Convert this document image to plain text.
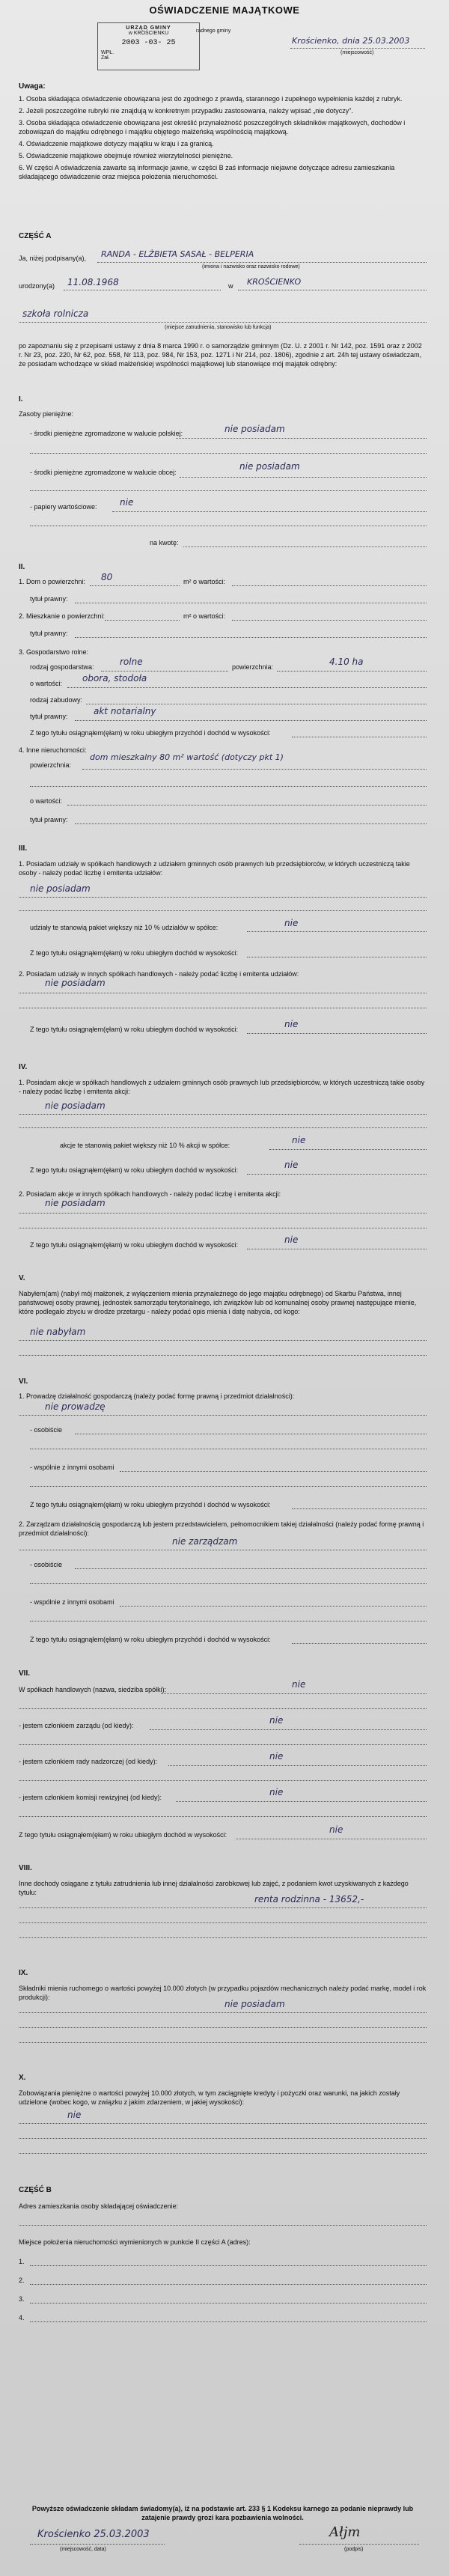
OŚWIADCZENIE MAJĄTKOWE
radnego gminy
URZĄD GMINY
w KROŚCIENKU
2003 -03- 25
WPŁ.
Zał.
Krościenko, dnia 25.03.2003
(miejscowość)
Uwaga:
1. Osoba składająca oświadczenie obowiązana jest do zgodnego z prawdą, starannego i zupełnego wypełnienia każdej z rubryk.
2. Jeżeli poszczególne rubryki nie znajdują w konkretnym przypadku zastosowania, należy wpisać „nie dotyczy”.
3. Osoba składająca oświadczenie obowiązana jest określić przynależność poszczególnych składników majątkowych, dochodów i zobowiązań do majątku odrębnego i majątku objętego małżeńską wspólnością majątkową.
4. Oświadczenie majątkowe dotyczy majątku w kraju i za granicą.
5. Oświadczenie majątkowe obejmuje również wierzytelności pieniężne.
6. W części A oświadczenia zawarte są informacje jawne, w części B zaś informacje niejawne dotyczące adresu zamieszkania składającego oświadczenie oraz miejsca położenia nieruchomości.
CZĘŚĆ A
Ja, niżej podpisany(a), RANDA - ELŻBIETA SASAŁ - BELPERIA
(imiona i nazwisko oraz nazwisko rodowe)
urodzony(a) 11.08.1968	w KROŚCIENKO
szkoła rolnicza
(miejsce zatrudnienia, stanowisko lub funkcja)
po zapoznaniu się z przepisami ustawy z dnia 8 marca 1990 r. o samorządzie gminnym (Dz. U. z 2001 r. Nr 142, poz. 1591 oraz z 2002 r. Nr 23, poz. 220, Nr 62, poz. 558, Nr 113, poz. 984, Nr 153, poz. 1271 i Nr 214, poz. 1806), zgodnie z art. 24h tej ustawy oświadczam, że posiadam wchodzące w skład małżeńskiej wspólności majątkowej lub stanowiące mój majątek odrębny:
I.
Zasoby pieniężne:
- środki pieniężne zgromadzone w walucie polskiej:	nie posiadam
- środki pieniężne zgromadzone w walucie obcej:
nie posiadam
- papiery wartościowe:	nie
na kwotę:
II.
1. Dom o powierzchni: 80	m² o wartości:
tytuł prawny:
2. Mieszkanie o powierzchni:	m² o wartości:
tytuł prawny:
3. Gospodarstwo rolne:
rodzaj gospodarstwa:	rolne	powierzchnia:	4.10 ha
o wartości: obora, stodoła
rodzaj zabudowy:
tytuł prawny:	akt notarialny
Z tego tytułu osiągnąłem(ęłam) w roku ubiegłym przychód i dochód w wysokości:
4. Inne nieruchomości:
powierzchnia:
dom mieszkalny 80 m² wartość (dotyczy pkt 1)
o wartości:
tytuł prawny:
III.
1. Posiadam udziały w spółkach handlowych z udziałem gminnych osób prawnych lub przedsiębiorców, w których uczestniczą takie osoby - należy podać liczbę i emitenta udziałów:
nie posiadam
udziały te stanowią pakiet większy niż 10 % udziałów w spółce:	nie
Z tego tytułu osiągnąłem(ęłam) w roku ubiegłym dochód w wysokości:
2. Posiadam udziały w innych spółkach handlowych - należy podać liczbę i emitenta udziałów:
nie posiadam
Z tego tytułu osiągnąłem(ęłam) w roku ubiegłym dochód w wysokości:	nie
IV.
1. Posiadam akcje w spółkach handlowych z udziałem gminnych osób prawnych lub przedsiębiorców, w których uczestniczą takie osoby - należy podać liczbę i emitenta akcji:
nie posiadam
akcje te stanowią pakiet większy niż 10 % akcji w spółce:	nie
Z tego tytułu osiągnąłem(ęłam) w roku ubiegłym dochód w wysokości:	nie
2. Posiadam akcje w innych spółkach handlowych - należy podać liczbę i emitenta akcji:
nie posiadam
Z tego tytułu osiągnąłem(ęłam) w roku ubiegłym dochód w wysokości:	nie
V.
Nabyłem(am) (nabył mój małżonek, z wyłączeniem mienia przynależnego do jego majątku odrębnego) od Skarbu Państwa, innej państwowej osoby prawnej, jednostek samorządu terytorialnego, ich związków lub od komunalnej osoby prawnej następujące mienie, które podlegało zbyciu w drodze przetargu - należy podać opis mienia i datę nabycia, od kogo:
nie nabyłam
VI.
1. Prowadzę działalność gospodarczą (należy podać formę prawną i przedmiot działalności):
nie prowadzę
- osobiście
- wspólnie z innymi osobami
Z tego tytułu osiągnąłem(ęłam) w roku ubiegłym przychód i dochód w wysokości:
2. Zarządzam działalnością gospodarczą lub jestem przedstawicielem, pełnomocnikiem takiej działalności (należy podać formę prawną i przedmiot działalności):
nie zarządzam
- osobiście
- wspólnie z innymi osobami
Z tego tytułu osiągnąłem(ęłam) w roku ubiegłym przychód i dochód w wysokości:
VII.
W spółkach handlowych (nazwa, siedziba spółki):	nie
- jestem członkiem zarządu (od kiedy):	nie
- jestem członkiem rady nadzorczej (od kiedy):	nie
- jestem członkiem komisji rewizyjnej (od kiedy):	nie
Z tego tytułu osiągnąłem(ęłam) w roku ubiegłym dochód w wysokości:	nie
VIII.
Inne dochody osiągane z tytułu zatrudnienia lub innej działalności zarobkowej lub zajęć, z podaniem kwot uzyskiwanych z każdego tytułu:
renta rodzinna - 13652,-
IX.
Składniki mienia ruchomego o wartości powyżej 10.000 złotych (w przypadku pojazdów mechanicznych należy podać markę, model i rok produkcji):
nie posiadam
X.
Zobowiązania pieniężne o wartości powyżej 10.000 złotych, w tym zaciągnięte kredyty i pożyczki oraz warunki, na jakich zostały udzielone (wobec kogo, w związku z jakim zdarzeniem, w jakiej wysokości):
nie
CZĘŚĆ B
Adres zamieszkania osoby składającej oświadczenie:
Miejsce położenia nieruchomości wymienionych w punkcie II części A (adres):
1.
2.
3.
4.
Powyższe oświadczenie składam świadomy(a), iż na podstawie art. 233 § 1 Kodeksu karnego za podanie nieprawdy lub zatajenie prawdy grozi kara pozbawienia wolności.
Krościenko 25.03.2003
(miejscowość, data)
Ałjm
(podpis)
